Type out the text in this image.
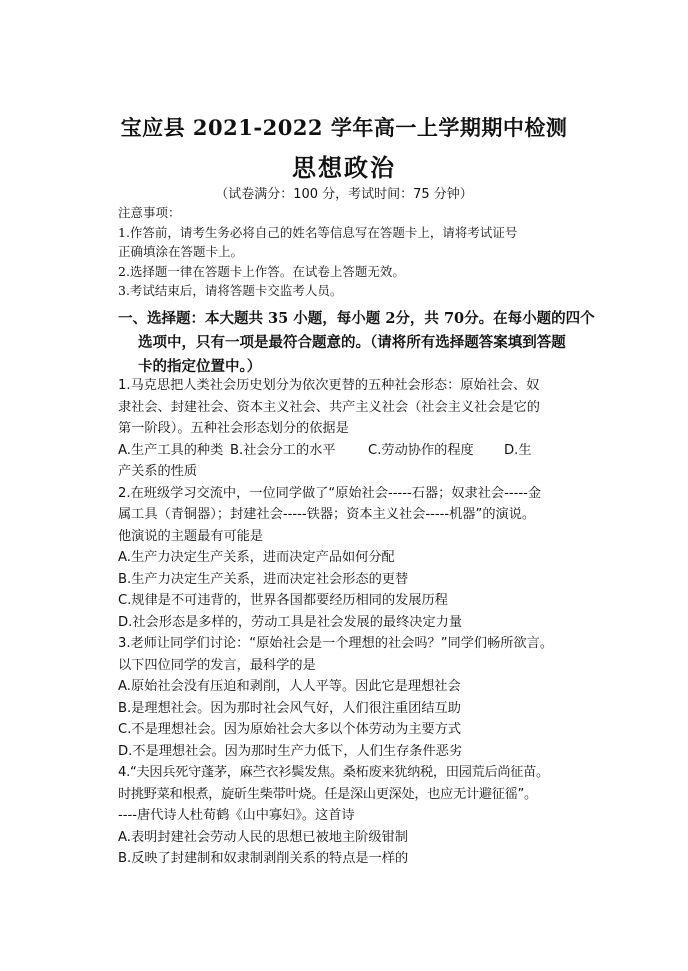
宝应县 2021-2022 学年高一上学期期中检测
思想政治
（试卷满分：100 分，考试时间：75 分钟）
注意事项：
1.作答前，请考生务必将自己的姓名等信息写在答题卡上，请将考试证号
正确填涂在答题卡上。
2.选择题一律在答题卡上作答。在试卷上答题无效。
3.考试结束后，请将答题卡交监考人员。
一、选择题：本大题共 35 小题，每小题 2分，共 70分。在每小题的四个
选项中，只有一项是最符合题意的。（请将所有选择题答案填到答题
卡的指定位置中。）
1.马克思把人类社会历史划分为依次更替的五种社会形态：原始社会、奴
隶社会、封建社会、资本主义社会、共产主义社会（社会主义社会是它的
第一阶段）。五种社会形态划分的依据是
A.生产工具的种类 B.社会分工的水平	C.劳动协作的程度	D.生
产关系的性质
2.在班级学习交流中，一位同学做了“原始社会-----石器；奴隶社会-----金
属工具（青铜器）；封建社会-----铁器；资本主义社会-----机器”的演说。
他演说的主题最有可能是
A.生产力决定生产关系，进而决定产品如何分配
B.生产力决定生产关系，进而决定社会形态的更替
C.规律是不可违背的，世界各国都要经历相同的发展历程
D.社会形态是多样的，劳动工具是社会发展的最终决定力量
3.老师让同学们讨论：“原始社会是一个理想的社会吗？”同学们畅所欲言。
以下四位同学的发言，最科学的是
A.原始社会没有压迫和剥削，人人平等。因此它是理想社会
B.是理想社会。因为那时社会风气好，人们很注重团结互助
C.不是理想社会。因为原始社会大多以个体劳动为主要方式
D.不是理想社会。因为那时生产力低下，人们生存条件恶劣
4.“夫因兵死守蓬茅，麻苎衣衫鬓发焦。桑柘废来犹纳税，田园荒后尚征苗。
时挑野菜和根煮，旋斫生柴带叶烧。任是深山更深处，也应无计避征徭”。
----唐代诗人杜荀鹤《山中寡妇》。这首诗
A.表明封建社会劳动人民的思想已被地主阶级钳制
B.反映了封建制和奴隶制剥削关系的特点是一样的
